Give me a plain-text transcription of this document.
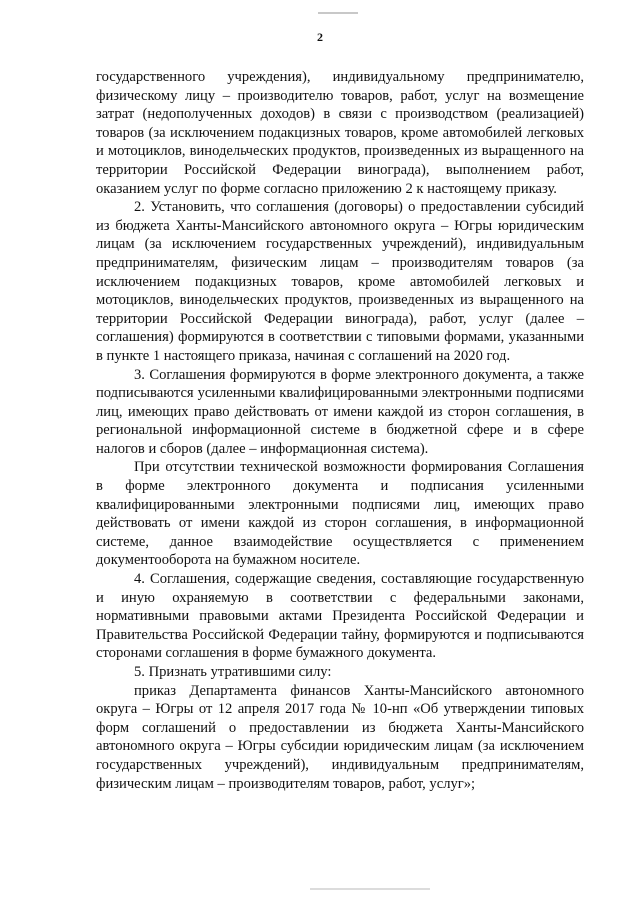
2

государственного учреждения), индивидуальному предпринимателю, физическому лицу – производителю товаров, работ, услуг на возмещение затрат (недополученных доходов) в связи с производством (реализацией) товаров (за исключением подакцизных товаров, кроме автомобилей легковых и мотоциклов, винодельческих продуктов, произведенных из выращенного на территории Российской Федерации винограда), выполнением работ, оказанием услуг по форме согласно приложению 2 к настоящему приказу.

2. Установить, что соглашения (договоры) о предоставлении субсидий из бюджета Ханты-Мансийского автономного округа – Югры юридическим лицам (за исключением государственных учреждений), индивидуальным предпринимателям, физическим лицам – производителям товаров (за исключением подакцизных товаров, кроме автомобилей легковых и мотоциклов, винодельческих продуктов, произведенных из выращенного на территории Российской Федерации винограда), работ, услуг (далее – соглашения) формируются в соответствии с типовыми формами, указанными в пункте 1 настоящего приказа, начиная с соглашений на 2020 год.

3. Соглашения формируются в форме электронного документа, а также подписываются усиленными квалифицированными электронными подписями лиц, имеющих право действовать от имени каждой из сторон соглашения, в региональной информационной системе в бюджетной сфере и в сфере налогов и сборов (далее – информационная система).

При отсутствии технической возможности формирования Соглашения в форме электронного документа и подписания усиленными квалифицированными электронными подписями лиц, имеющих право действовать от имени каждой из сторон соглашения, в информационной системе, данное взаимодействие осуществляется с применением документооборота на бумажном носителе.

4. Соглашения, содержащие сведения, составляющие государственную и иную охраняемую в соответствии с федеральными законами, нормативными правовыми актами Президента Российской Федерации и Правительства Российской Федерации тайну, формируются и подписываются сторонами соглашения в форме бумажного документа.

5. Признать утратившими силу:

приказ Департамента финансов Ханты-Мансийского автономного округа – Югры от 12 апреля 2017 года № 10-нп «Об утверждении типовых форм соглашений о предоставлении из бюджета Ханты-Мансийского автономного округа – Югры субсидии юридическим лицам (за исключением государственных учреждений), индивидуальным предпринимателям, физическим лицам – производителям товаров, работ, услуг»;
